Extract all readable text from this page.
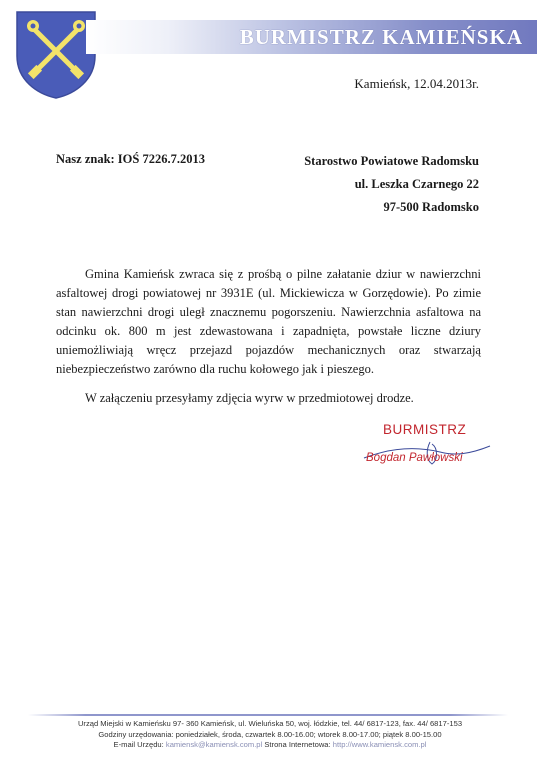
BURMISTRZ KAMIEŃSKA
Kamieńsk, 12.04.2013r.
Nasz znak: IOŚ 7226.7.2013	Starostwo Powiatowe Radomsku
ul. Leszka Czarnego 22
97-500 Radomsko

Gmina Kamieńsk zwraca się z prośbą o pilne załatanie dziur w nawierzchni asfaltowej drogi powiatowej nr 3931E (ul. Mickiewicza w Gorzędowie). Po zimie stan nawierzchni drogi uległ znacznemu pogorszeniu. Nawierzchnia asfaltowa na odcinku ok. 800 m jest zdewastowana i zapadnięta, powstałe liczne dziury uniemożliwiają wręcz przejazd pojazdów mechanicznych oraz stwarzają niebezpieczeństwo zarówno dla ruchu kołowego jak i pieszego.

W załączeniu przesyłamy zdjęcia wyrw w przedmiotowej drodze.

BURMISTRZ
Bogdan Pawłowski
Urząd Miejski w Kamieńsku 97- 360 Kamieńsk, ul. Wieluńska 50, woj. łódzkie, tel. 44/ 6817-123, fax. 44/ 6817-153
Godziny urzędowania: poniedziałek, środa, czwartek 8.00-16.00; wtorek 8.00-17.00; piątek 8.00-15.00
E-mail Urzędu: kamiensk@kamiensk.com.pl Strona Internetowa: http://www.kamiensk.com.pl
